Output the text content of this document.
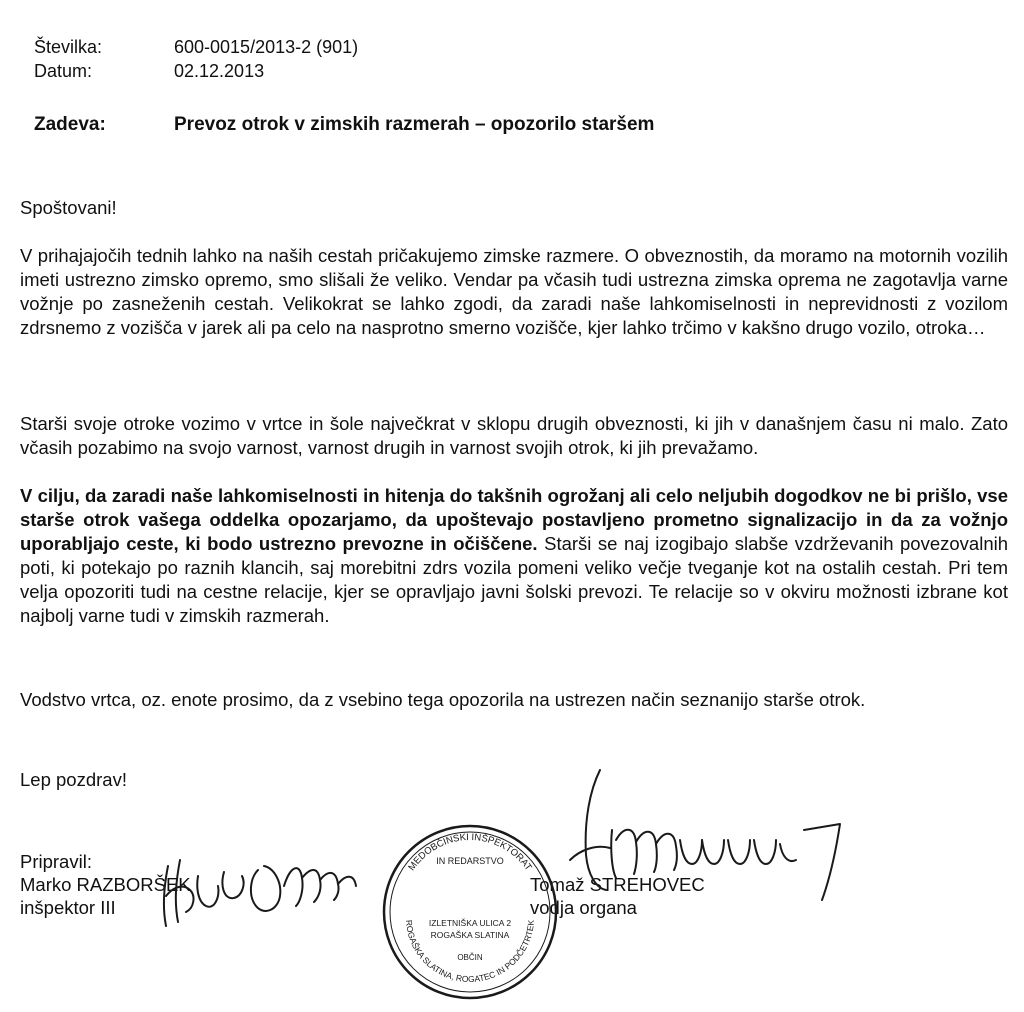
Številka:	600-0015/2013-2 (901)
Datum:	02.12.2013
Zadeva:	Prevoz otrok v zimskih razmerah – opozorilo staršem

Spoštovani!

V prihajajočih tednih lahko na naših cestah pričakujemo zimske razmere. O obveznostih, da moramo na motornih vozilih imeti ustrezno zimsko opremo, smo slišali že veliko. Vendar pa včasih tudi ustrezna zimska oprema ne zagotavlja varne vožnje po zasneženih cestah. Velikokrat se lahko zgodi, da zaradi naše lahkomiselnosti in neprevidnosti z vozilom zdrsnemo z vozišča v jarek ali pa celo na nasprotno smerno vozišče, kjer lahko trčimo v kakšno drugo vozilo, otroka…

Starši svoje otroke vozimo v vrtce in šole največkrat v sklopu drugih obveznosti, ki jih v današnjem času ni malo. Zato včasih pozabimo na svojo varnost, varnost drugih in varnost svojih otrok, ki jih prevažamo.

V cilju, da zaradi naše lahkomiselnosti in hitenja do takšnih ogrožanj ali celo neljubih dogodkov ne bi prišlo, vse starše otrok vašega oddelka opozarjamo, da upoštevajo postavljeno prometno signalizacijo in da za vožnjo uporabljajo ceste, ki bodo ustrezno prevozne in očiščene. Starši se naj izogibajo slabše vzdrževanih povezovalnih poti, ki potekajo po raznih klancih, saj morebitni zdrs vozila pomeni veliko večje tveganje kot na ostalih cestah. Pri tem velja opozoriti tudi na cestne relacije, kjer se opravljajo javni šolski prevozi. Te relacije so v okviru možnosti izbrane kot najbolj varne tudi v zimskih razmerah.

Vodstvo vrtca, oz. enote prosimo, da z vsebino tega opozorila na ustrezen način seznanijo starše otrok.

Lep pozdrav!

Pripravil:
Marko RAZBORŠEK
inšpektor III
Tomaž STREHOVEC
vodja organa
MEDOBČINSKI INŠPEKTORAT
IN REDARSTVO
IZLETNIŠKA ULICA 2
ROGAŠKA SLATINA
OBČIN
ROGAŠKA SLATINA, ROGATEC IN PODČETRTEK
